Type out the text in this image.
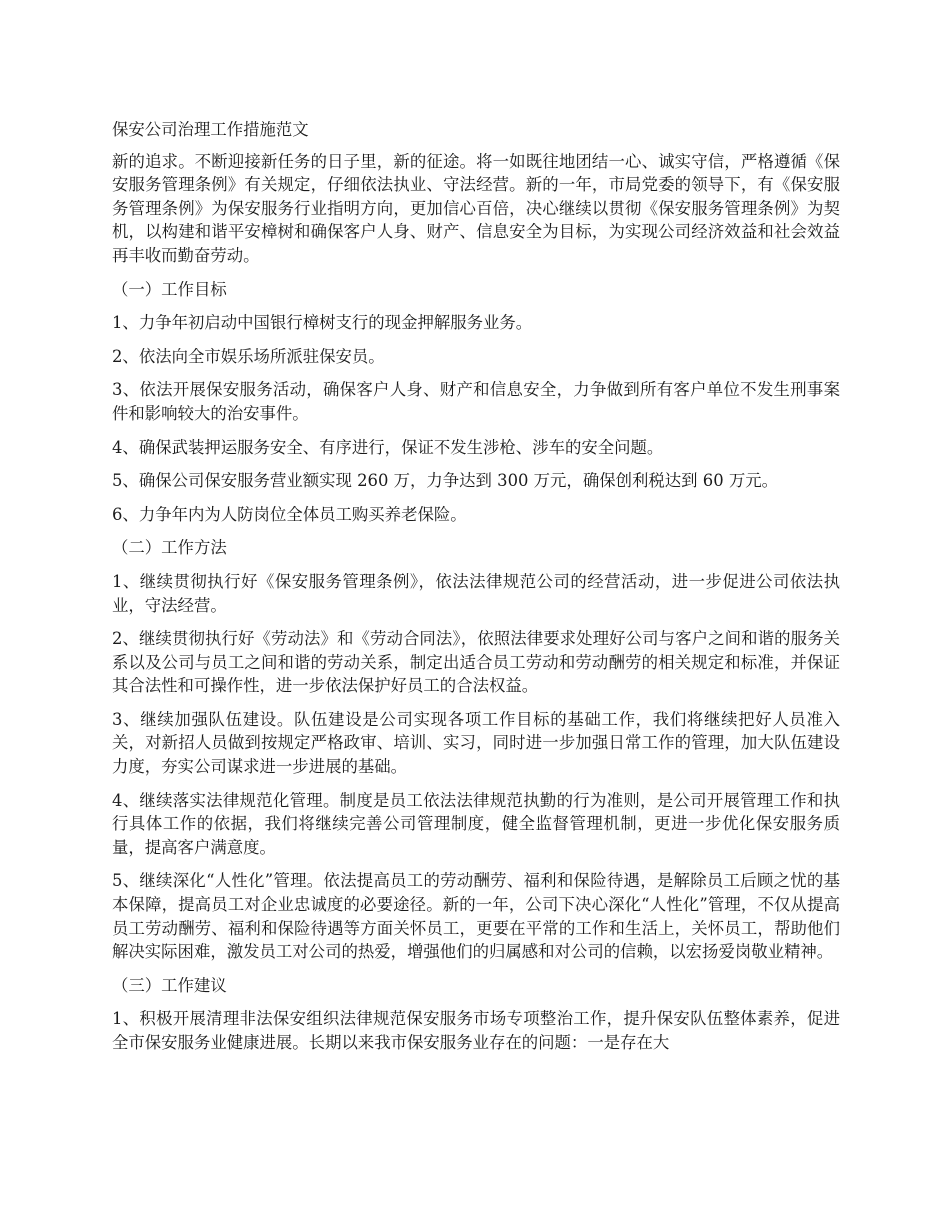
保安公司治理工作措施范文

新的追求。不断迎接新任务的日子里，新的征途。将一如既往地团结一心、诚实守信，严格遵循《保安服务管理条例》有关规定，仔细依法执业、守法经营。新的一年，市局党委的领导下，有《保安服务管理条例》为保安服务行业指明方向，更加信心百倍，决心继续以贯彻《保安服务管理条例》为契机，以构建和谐平安樟树和确保客户人身、财产、信息安全为目标，为实现公司经济效益和社会效益再丰收而勤奋劳动。

（一）工作目标

1、力争年初启动中国银行樟树支行的现金押解服务业务。

2、依法向全市娱乐场所派驻保安员。

3、依法开展保安服务活动，确保客户人身、财产和信息安全，力争做到所有客户单位不发生刑事案件和影响较大的治安事件。

4、确保武装押运服务安全、有序进行，保证不发生涉枪、涉车的安全问题。

5、确保公司保安服务营业额实现 260 万，力争达到 300 万元，确保创利税达到 60 万元。

6、力争年内为人防岗位全体员工购买养老保险。

（二）工作方法

1、继续贯彻执行好《保安服务管理条例》，依法法律规范公司的经营活动，进一步促进公司依法执业，守法经营。

2、继续贯彻执行好《劳动法》和《劳动合同法》，依照法律要求处理好公司与客户之间和谐的服务关系以及公司与员工之间和谐的劳动关系，制定出适合员工劳动和劳动酬劳的相关规定和标准，并保证其合法性和可操作性，进一步依法保护好员工的合法权益。

3、继续加强队伍建设。队伍建设是公司实现各项工作目标的基础工作，我们将继续把好人员准入关，对新招人员做到按规定严格政审、培训、实习，同时进一步加强日常工作的管理，加大队伍建设力度，夯实公司谋求进一步进展的基础。

4、继续落实法律规范化管理。制度是员工依法法律规范执勤的行为准则，是公司开展管理工作和执行具体工作的依据，我们将继续完善公司管理制度，健全监督管理机制，更进一步优化保安服务质量，提高客户满意度。

5、继续深化“人性化”管理。依法提高员工的劳动酬劳、福利和保险待遇，是解除员工后顾之忧的基本保障，提高员工对企业忠诚度的必要途径。新的一年，公司下决心深化“人性化”管理，不仅从提高员工劳动酬劳、福利和保险待遇等方面关怀员工，更要在平常的工作和生活上，关怀员工，帮助他们解决实际困难，激发员工对公司的热爱，增强他们的归属感和对公司的信赖，以宏扬爱岗敬业精神。

（三）工作建议

1、积极开展清理非法保安组织法律规范保安服务市场专项整治工作，提升保安队伍整体素养，促进全市保安服务业健康进展。长期以来我市保安服务业存在的问题：一是存在大
